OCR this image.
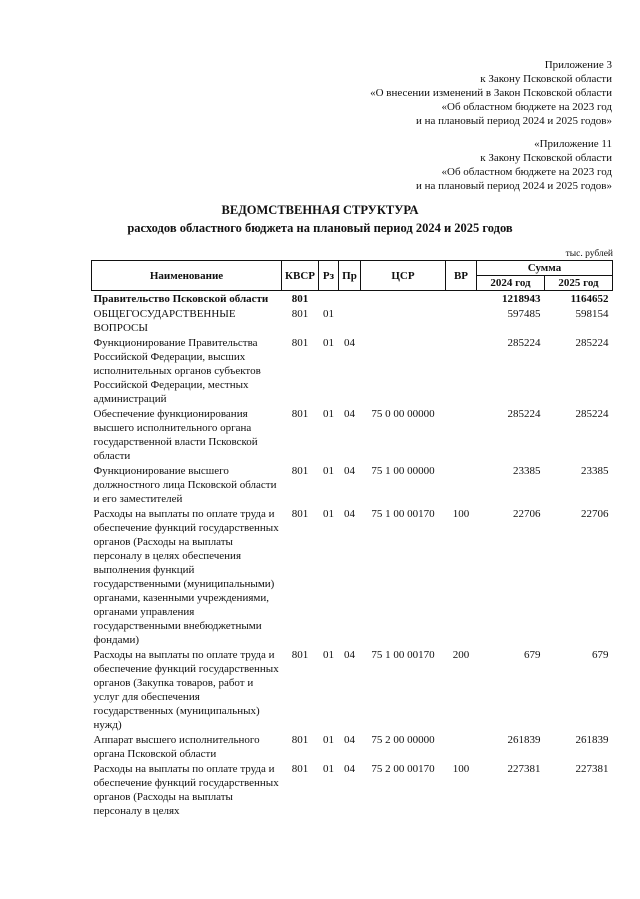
Приложение 3
к Закону Псковской области
«О внесении изменений в Закон Псковской области
«Об областном бюджете на 2023 год
и на плановый период 2024 и 2025 годов»
«Приложение 11
к Закону Псковской области
«Об областном бюджете на 2023 год
и на плановый период 2024 и 2025 годов»
ВЕДОМСТВЕННАЯ СТРУКТУРА
расходов областного бюджета на плановый период 2024 и 2025 годов
тыс. рублей
Наименование	КВСР	Рз	Пр	ЦСР	ВР	Сумма	
						2024 год	2025 год
Правительство Псковской области	801					1218943	1164652
ОБЩЕГОСУДАРСТВЕННЫЕ ВОПРОСЫ	801	01				597485	598154
Функционирование Правительства Российской Федерации, высших исполнительных органов субъектов Российской Федерации, местных администраций	801	01	04			285224	285224
Обеспечение функционирования высшего исполнительного органа государственной власти Псковской области	801	01	04	75 0 00 00000		285224	285224
Функционирование высшего должностного лица Псковской области и его заместителей	801	01	04	75 1 00 00000		23385	23385
Расходы на выплаты по оплате труда и обеспечение функций государственных органов (Расходы на выплаты персоналу в целях обеспечения выполнения функций государственными (муниципальными) органами, казенными учреждениями, органами управления государственными внебюджетными фондами)	801	01	04	75 1 00 00170	100	22706	22706
Расходы на выплаты по оплате труда и обеспечение функций государственных органов (Закупка товаров, работ и услуг для обеспечения государственных (муниципальных) нужд)	801	01	04	75 1 00 00170	200	679	679
Аппарат высшего исполнительного органа Псковской области	801	01	04	75 2 00 00000		261839	261839
Расходы на выплаты по оплате труда и обеспечение функций государственных органов (Расходы на выплаты персоналу в целях	801	01	04	75 2 00 00170	100	227381	227381
